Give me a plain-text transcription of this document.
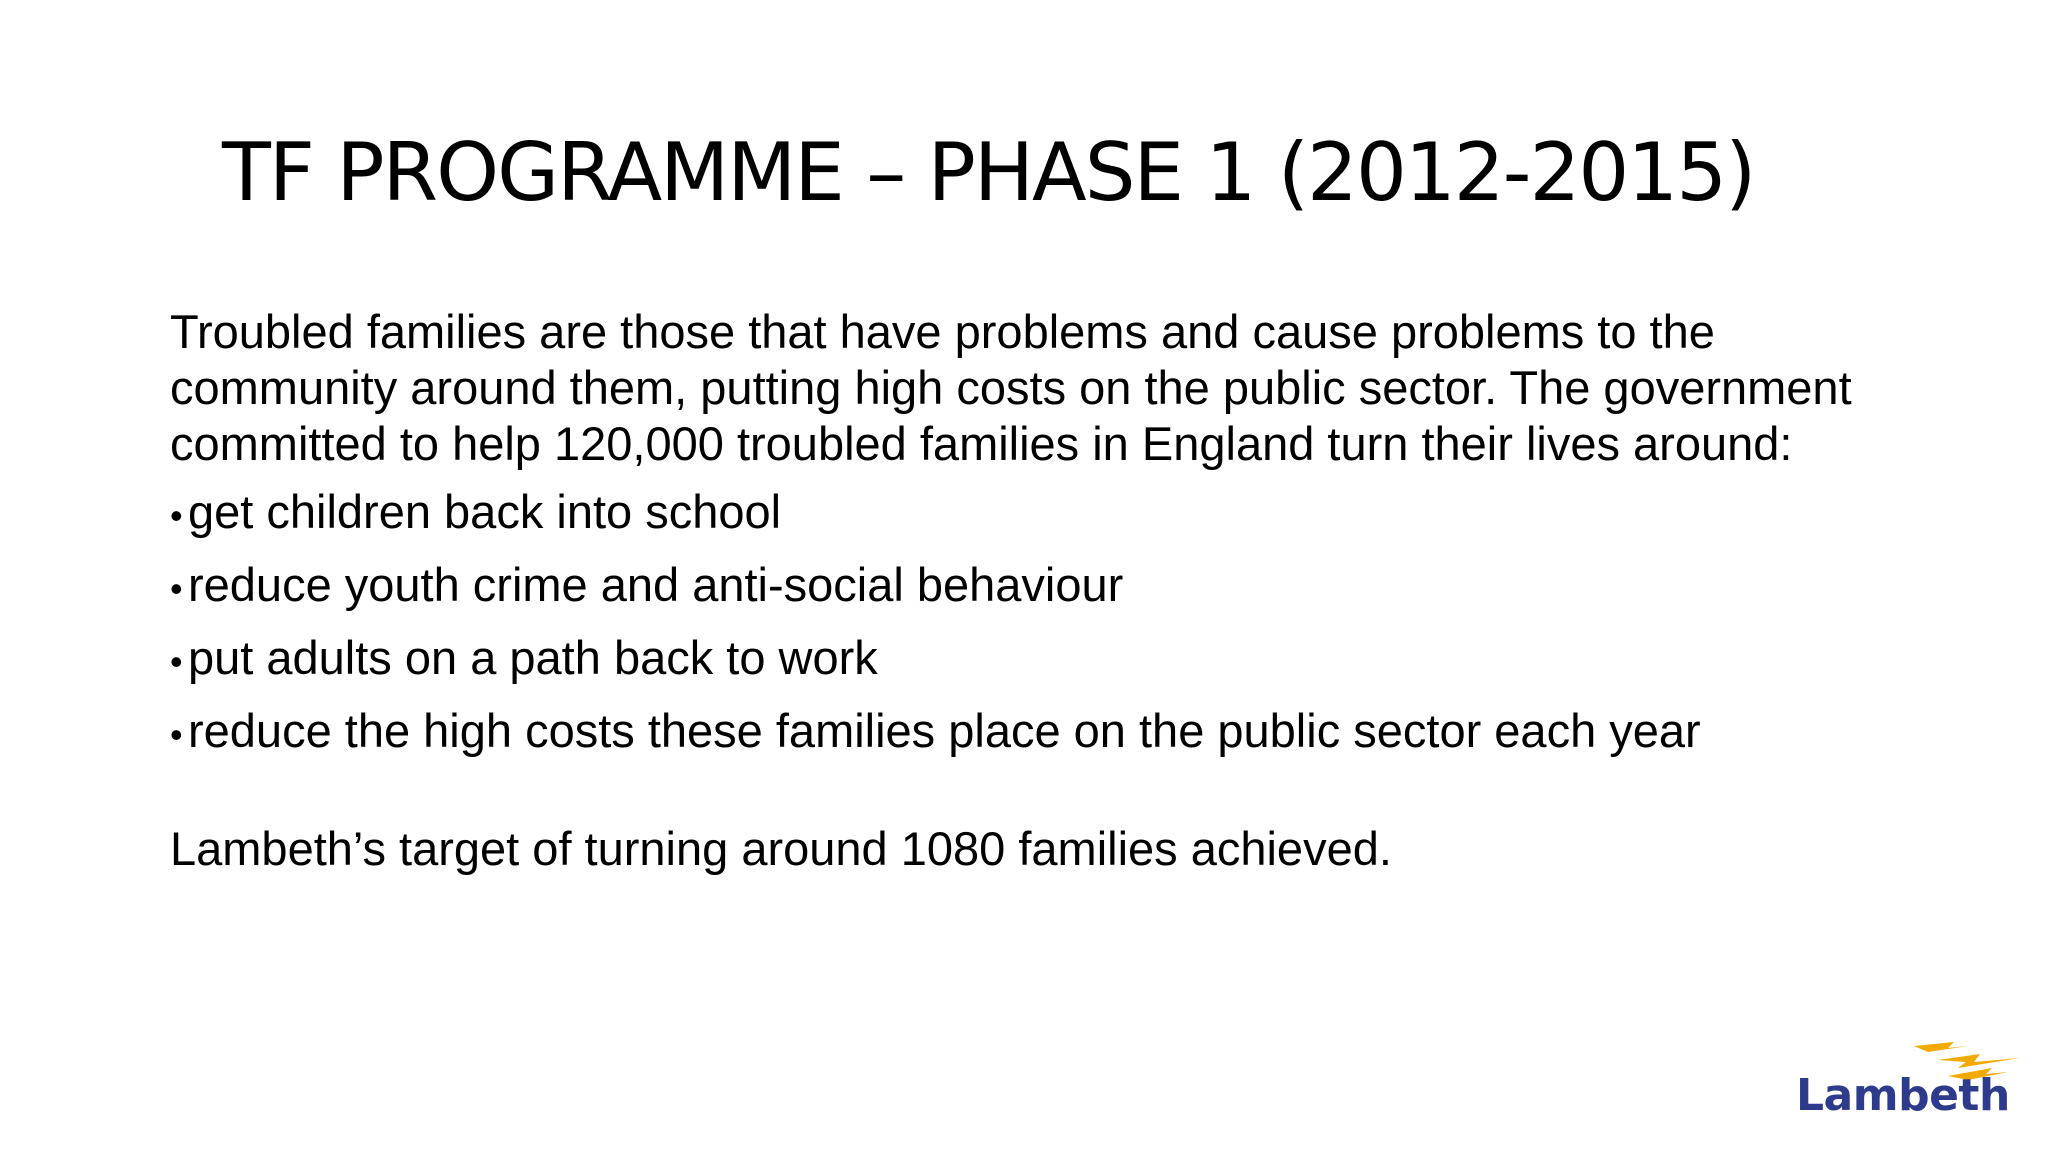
TF PROGRAMME – PHASE 1 (2012-2015)

Troubled families are those that have problems and cause problems to the community around them, putting high costs on the public sector. The government committed to help 120,000 troubled families in England turn their lives around:

• get children back into school
• reduce youth crime and anti-social behaviour
• put adults on a path back to work
• reduce the high costs these families place on the public sector each year

Lambeth’s target of turning around 1080 families achieved.

Lambeth
